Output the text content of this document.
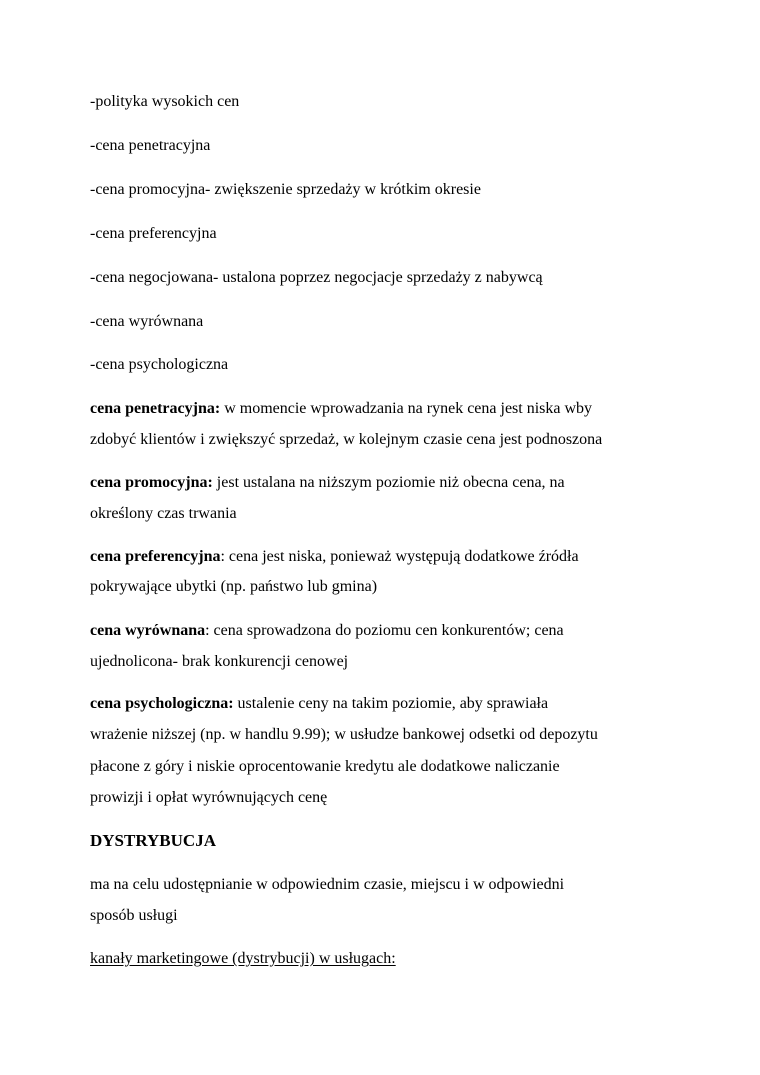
-polityka wysokich cen
-cena penetracyjna
-cena promocyjna- zwiększenie sprzedaży w krótkim okresie
-cena preferencyjna
-cena negocjowana- ustalona poprzez negocjacje sprzedaży z nabywcą
-cena wyrównana
-cena psychologiczna
cena penetracyjna: w momencie wprowadzania na rynek cena jest niska wby
zdobyć klientów i zwiększyć sprzedaż, w kolejnym czasie cena jest podnoszona
cena promocyjna: jest ustalana na niższym poziomie niż obecna cena, na
określony czas trwania
cena preferencyjna: cena jest niska, ponieważ występują dodatkowe źródła
pokrywające ubytki (np. państwo lub gmina)
cena wyrównana: cena sprowadzona do poziomu cen konkurentów; cena
ujednolicona- brak konkurencji cenowej
cena psychologiczna: ustalenie ceny na takim poziomie, aby sprawiała
wrażenie niższej (np. w handlu 9.99); w usłudze bankowej odsetki od depozytu
płacone z góry i niskie oprocentowanie kredytu ale dodatkowe naliczanie
prowizji i opłat wyrównujących cenę
DYSTRYBUCJA
ma na celu udostępnianie w odpowiednim czasie, miejscu i w odpowiedni
sposób usługi
kanały marketingowe (dystrybucji) w usługach:
